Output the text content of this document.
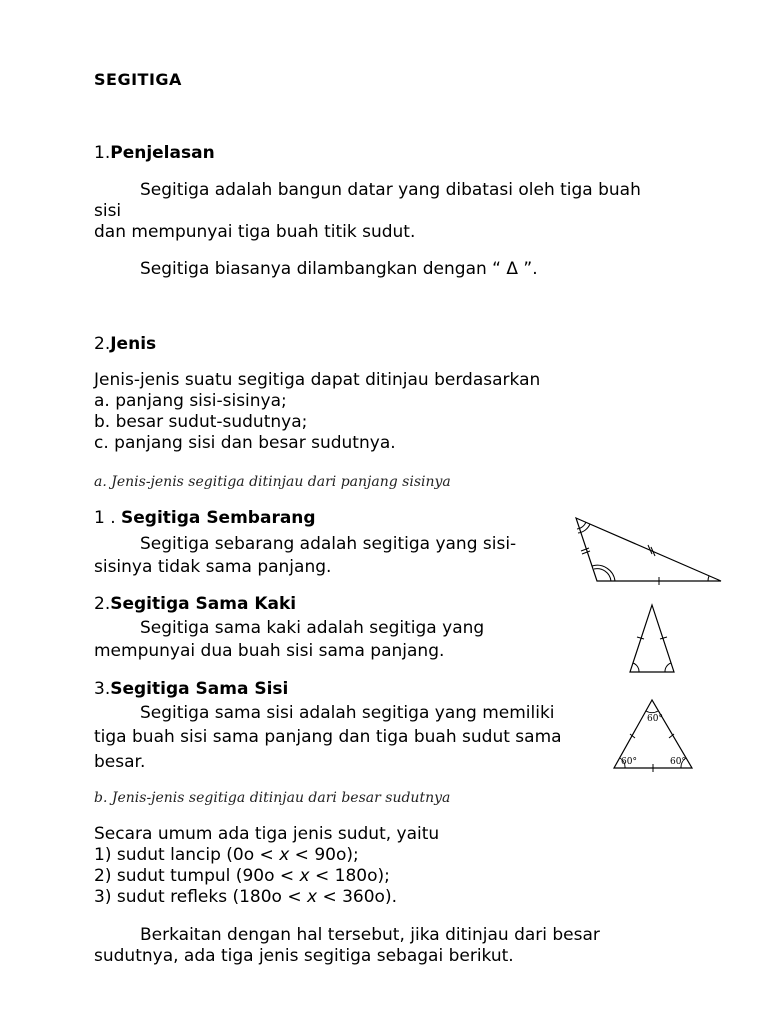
SEGITIGA
1.Penjelasan
Segitiga adalah bangun datar yang dibatasi oleh tiga buah
sisi
dan mempunyai tiga buah titik sudut.
Segitiga biasanya dilambangkan dengan “ Δ ”.
2.Jenis
Jenis-jenis suatu segitiga dapat ditinjau berdasarkan
a. panjang sisi-sisinya;
b. besar sudut-sudutnya;
c. panjang sisi dan besar sudutnya.
a. Jenis-jenis segitiga ditinjau dari panjang sisinya
1 . Segitiga Sembarang
Segitiga sebarang adalah segitiga yang sisi-
sisinya tidak sama panjang.
2.Segitiga Sama Kaki
Segitiga sama kaki adalah segitiga yang
mempunyai dua buah sisi sama panjang.
3.Segitiga Sama Sisi
Segitiga sama sisi adalah segitiga yang memiliki
tiga buah sisi sama panjang dan tiga buah sudut sama
besar.
b. Jenis-jenis segitiga ditinjau dari besar sudutnya
Secara umum ada tiga jenis sudut, yaitu
1) sudut lancip (0o < x < 90o);
2) sudut tumpul (90o < x < 180o);
3) sudut refleks (180o < x < 360o).
Berkaitan dengan hal tersebut, jika ditinjau dari besar
sudutnya, ada tiga jenis segitiga sebagai berikut.
60°
60°	60°
